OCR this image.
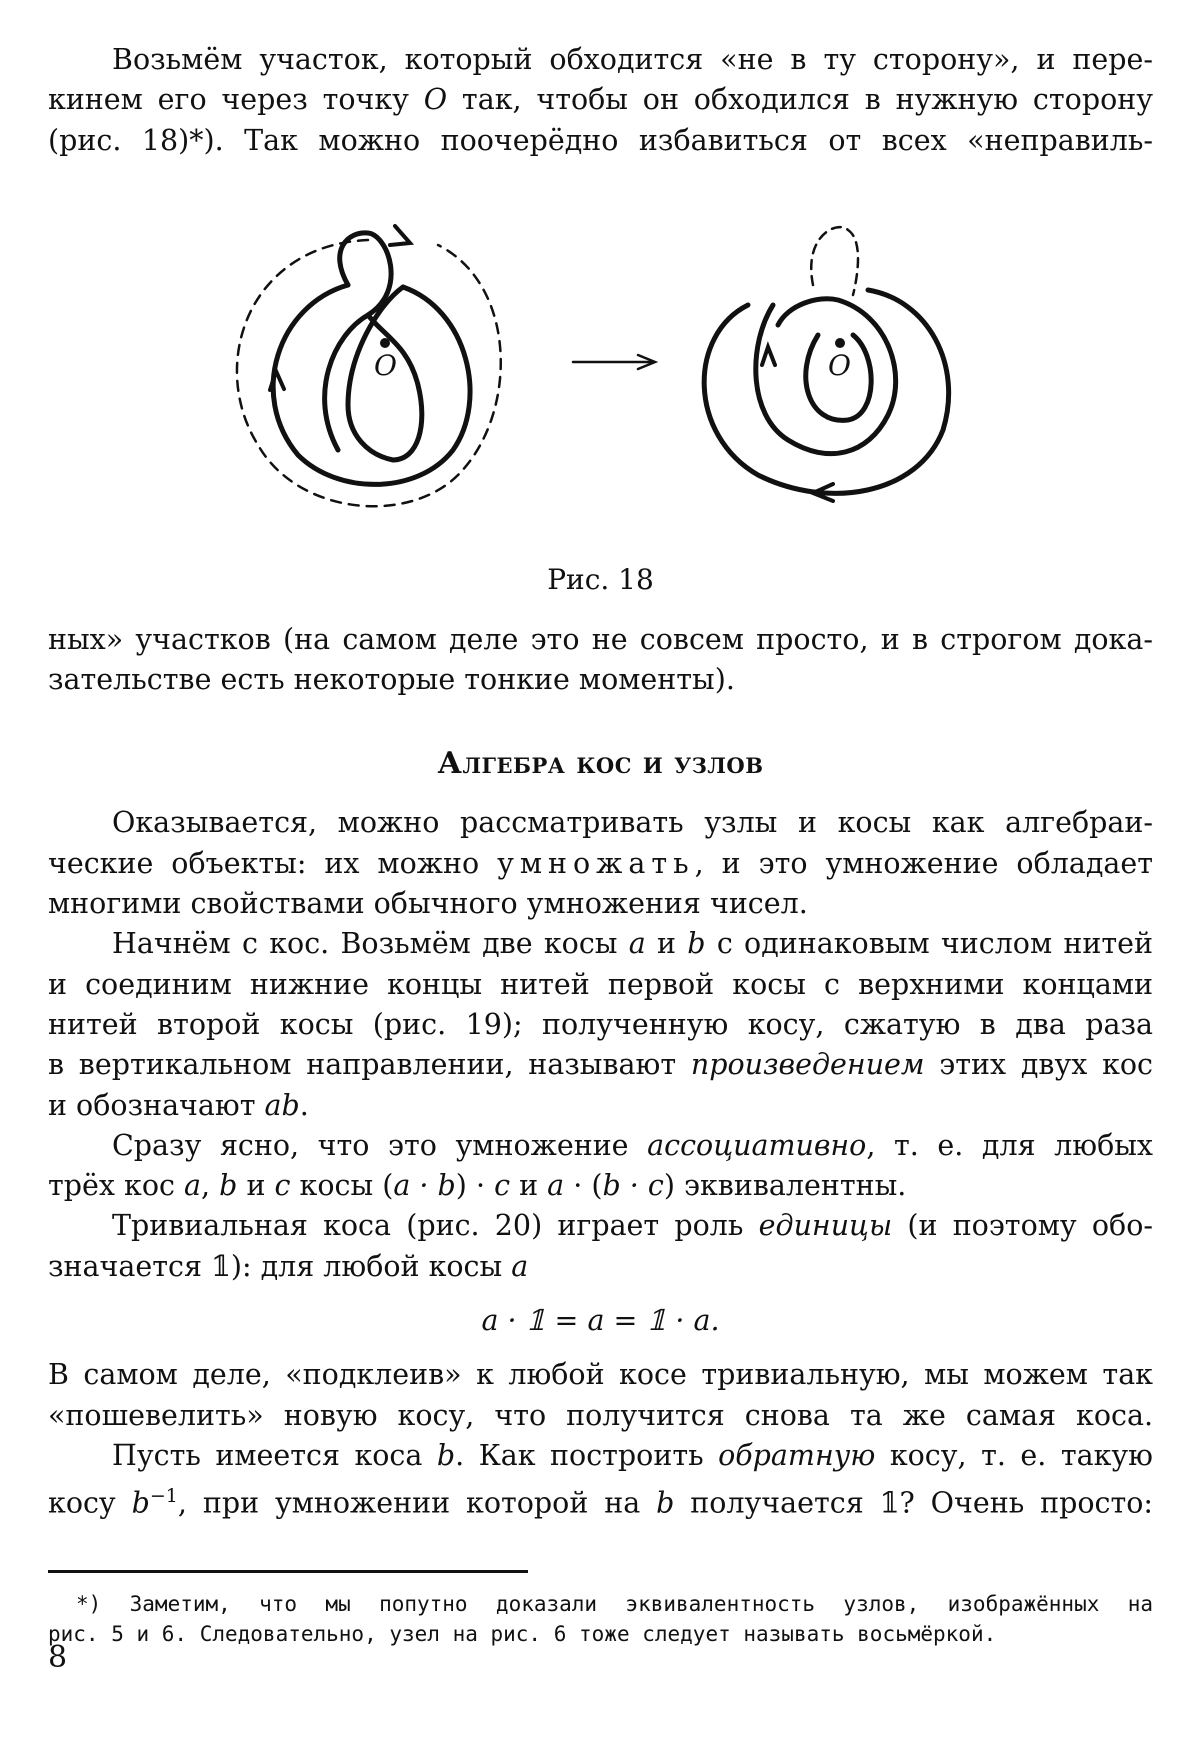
Возьмём участок, который обходится «не в ту сторону», и пере-

кинем его через точку O так, чтобы он обходился в нужную сторону

(рис. 18)*). Так можно поочерёдно избавиться от всех «неправиль-

O	O
Рис. 18

ных» участков (на самом деле это не совсем просто, и в строгом дока-

зательстве есть некоторые тонкие моменты).

Алгебра кос и узлов

Оказывается, можно рассматривать узлы и косы как алгебраи-

ческие объекты: их можно умножать, и это умножение обладает

многими свойствами обычного умножения чисел.

Начнём с кос. Возьмём две косы a и b с одинаковым числом нитей

и соединим нижние концы нитей первой косы с верхними концами

нитей второй косы (рис. 19); полученную косу, сжатую в два раза

в вертикальном направлении, называют произведением этих двух кос

и обозначают ab.

Сразу ясно, что это умножение ассоциативно, т. е. для любых

трёх кос a, b и c косы (a · b) · c и a · (b · c) эквивалентны.

Тривиальная коса (рис. 20) играет роль единицы (и поэтому обо-

значается 𝟙): для любой косы a

a · 𝟙 = a = 𝟙 · a.

В самом деле, «подклеив» к любой косе тривиальную, мы можем так

«пошевелить» новую косу, что получится снова та же самая коса.

Пусть имеется коса b. Как построить обратную косу, т. е. такую

косу $b^{-1}$, при умножении которой на b получается 𝟙? Очень просто:

*) Заметим, что мы попутно доказали эквивалентность узлов, изображённых на
рис. 5 и 6. Следовательно, узел на рис. 6 тоже следует называть восьмёркой.
8
